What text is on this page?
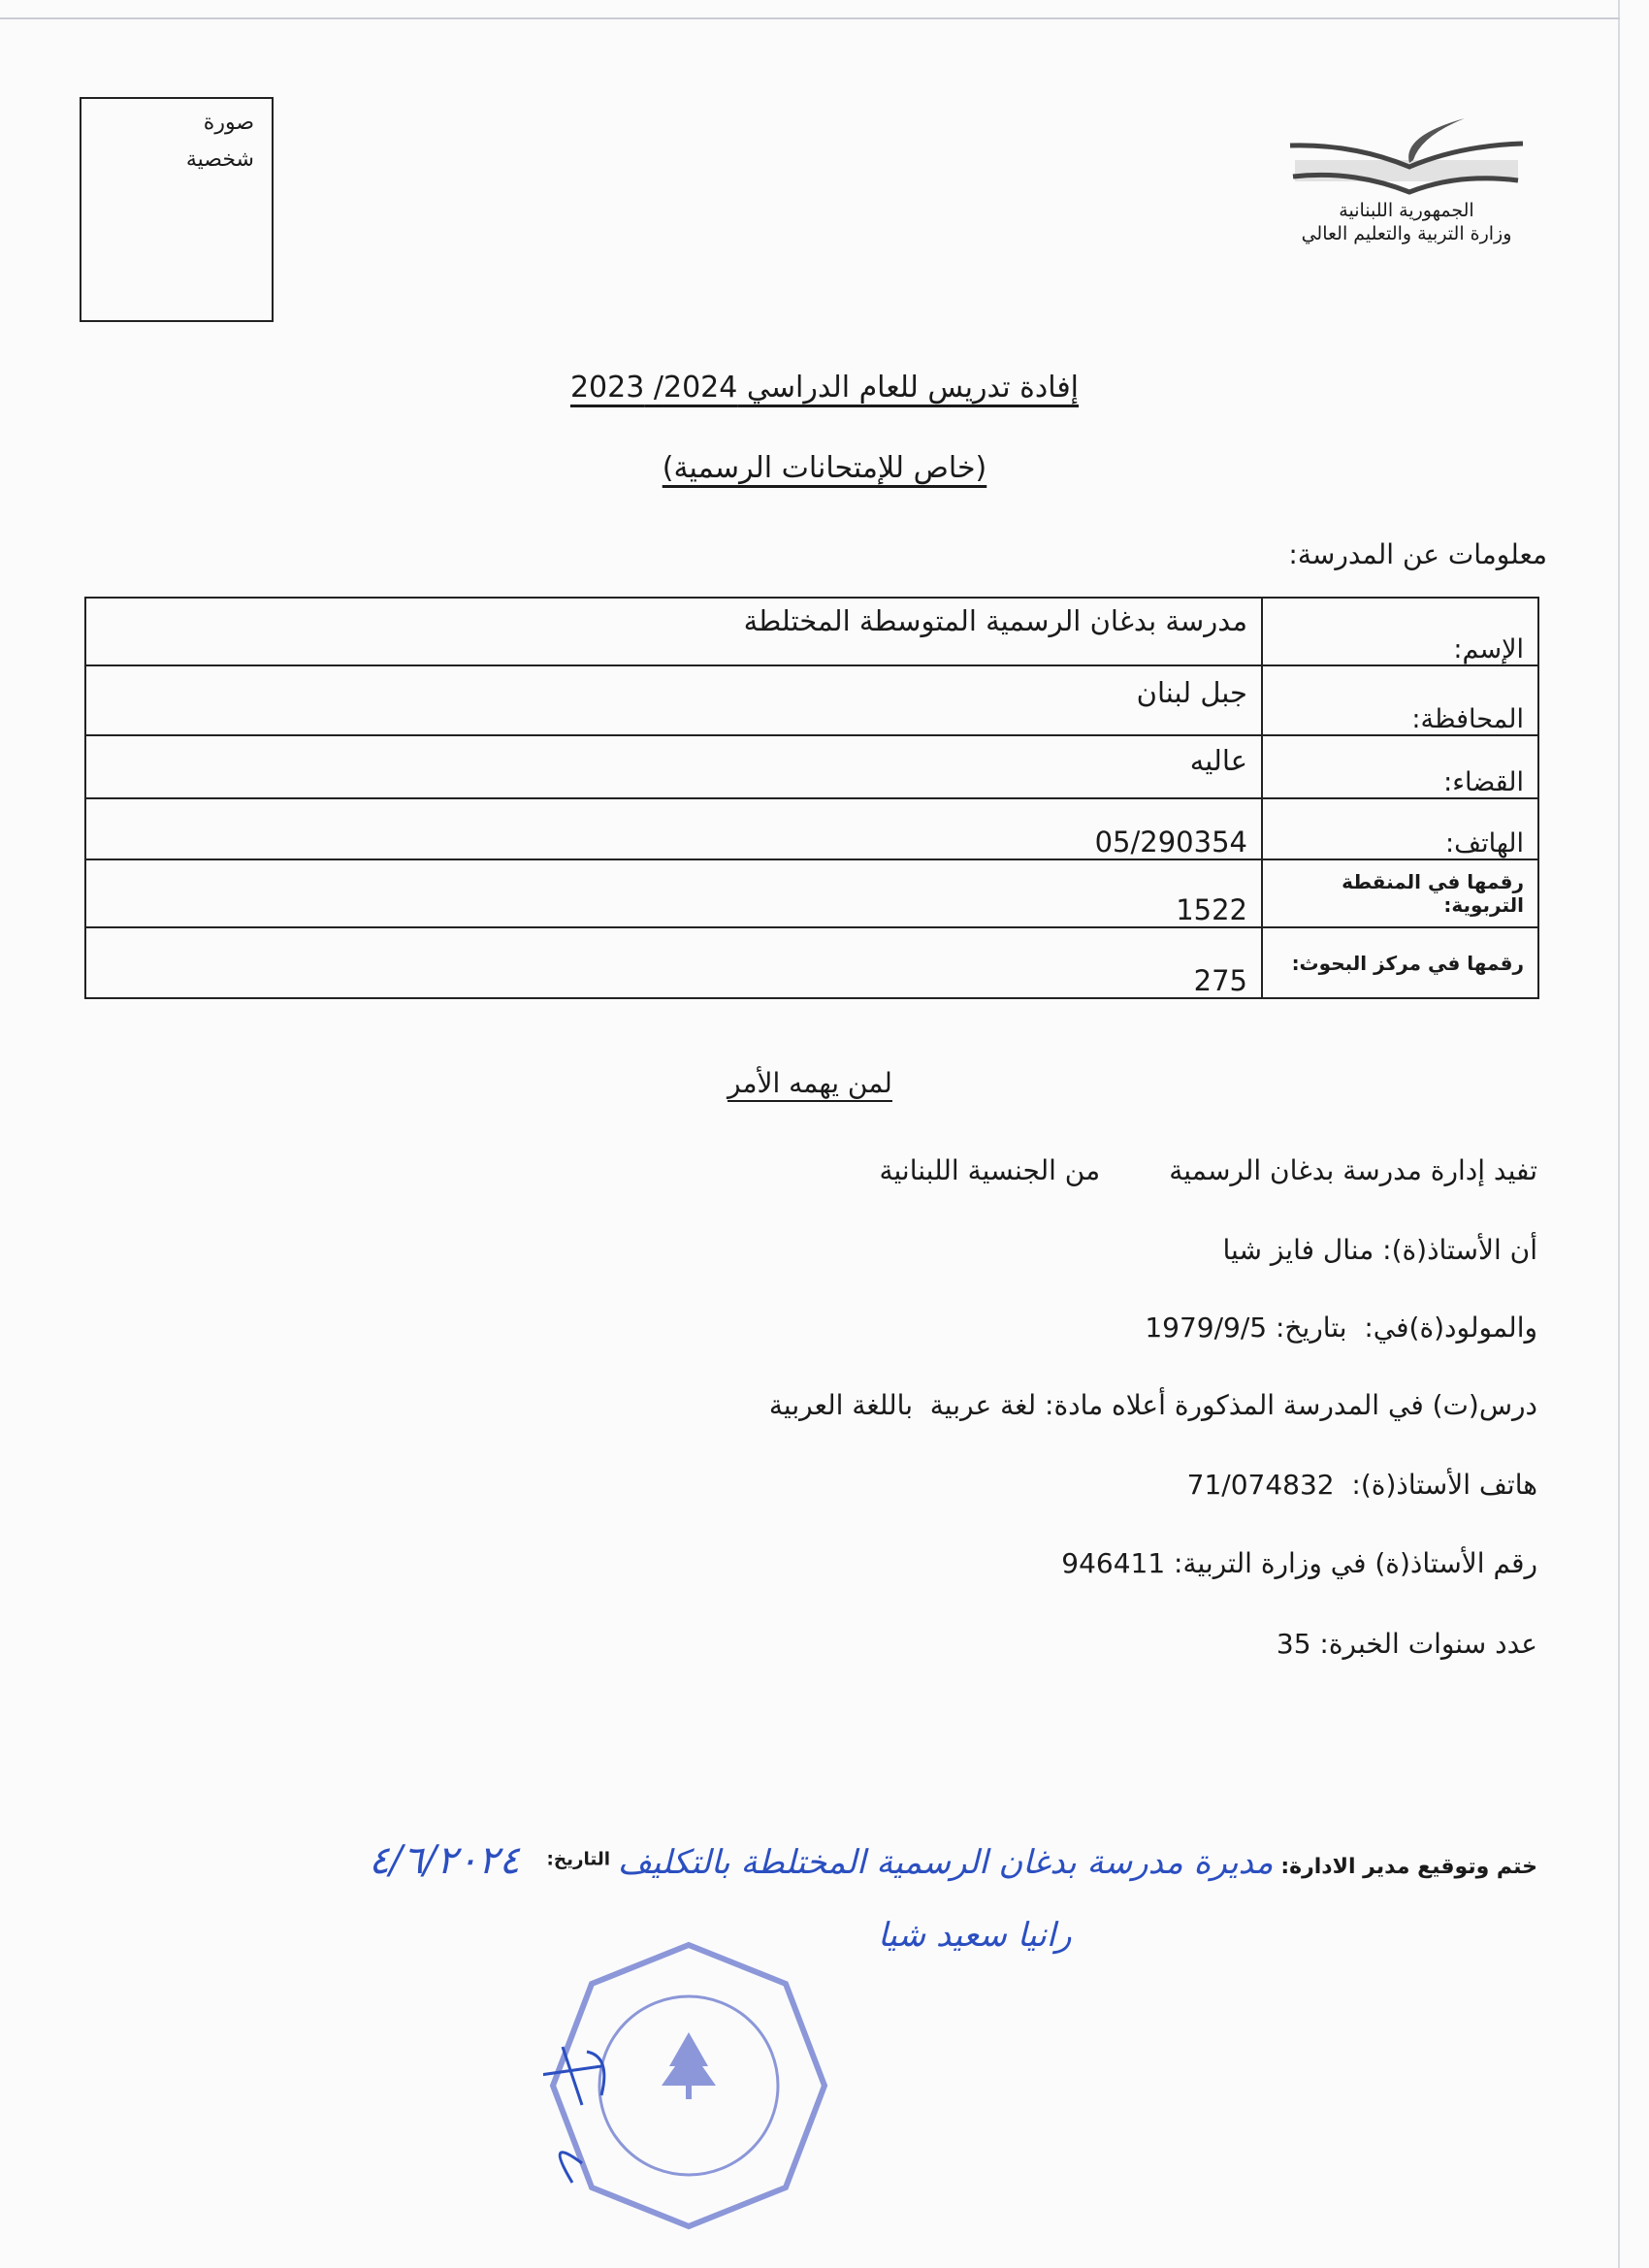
صورة
شخصية
الجمهورية اللبنانية
وزارة التربية والتعليم العالي
إفادة تدريس للعام الدراسي 2024/ 2023
(خاص للإمتحانات الرسمية)
معلومات عن المدرسة:
الإسم:	مدرسة بدغان الرسمية المتوسطة المختلطة
المحافظة:	جبل لبنان
القضاء:	عاليه
الهاتف:	05/290354
رقمها في المنقطة التربوية:	1522
رقمها في مركز البحوث:	275
لمن يهمه الأمر
تفيد إدارة مدرسة بدغان الرسمية        من الجنسية اللبنانية
أن الأستاذ(ة): منال فايز شيا
والمولود(ة)في:  بتاريخ: 1979/9/5
درس(ت) في المدرسة المذكورة أعلاه مادة: لغة عربية  باللغة العربية
هاتف الأستاذ(ة):  71/074832
رقم الأستاذ(ة) في وزارة التربية: 946411
عدد سنوات الخبرة: 35
ختم وتوقيع مدير الادارة: مديرة مدرسة بدغان الرسمية المختلطة بالتكليف $^{التاريخ:}$ ٤/٦/٢٠٢٤
رانيا سعيد شيا
